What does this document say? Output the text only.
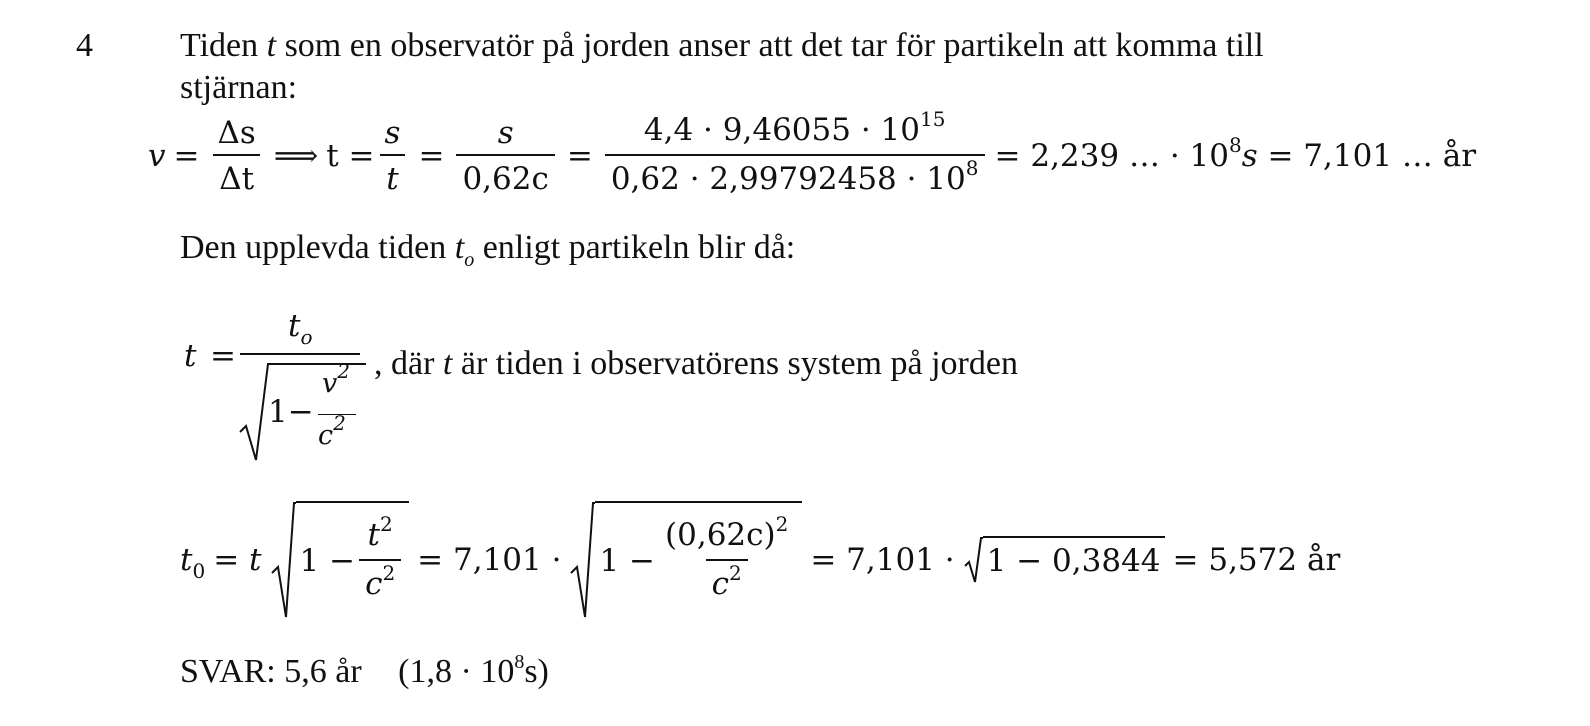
4	Tiden t som en observatör på jorden anser att det tar för partikeln att komma till
stjärnan:
$v = \frac{\Delta s}{\Delta t}$ ⟹ $t = \frac{s}{t} = \frac{s}{0,62c} = \frac{4,4 \cdot 9,46055 \cdot 10^{15}}{0,62 \cdot 2,99792458 \cdot 10^8} = 2,239$ … · $10^8s = 7,101$ … år
Den upplevda tiden $t_o$ enligt partikeln blir då:
t =
$t_o$
1−
$v^2$
$c^2$
, där t är tiden i observatörens system på jorden
$t_0 = t$ $1 - \frac{t^2}{c^2} = 7,101 \cdot 1 - \frac{(0,62c)^2}{c^2} = 7,101 \cdot 1 - 0,3844 = 5,572$ år
SVAR: 5,6 år $(1,8 \cdot 10^8s)$
